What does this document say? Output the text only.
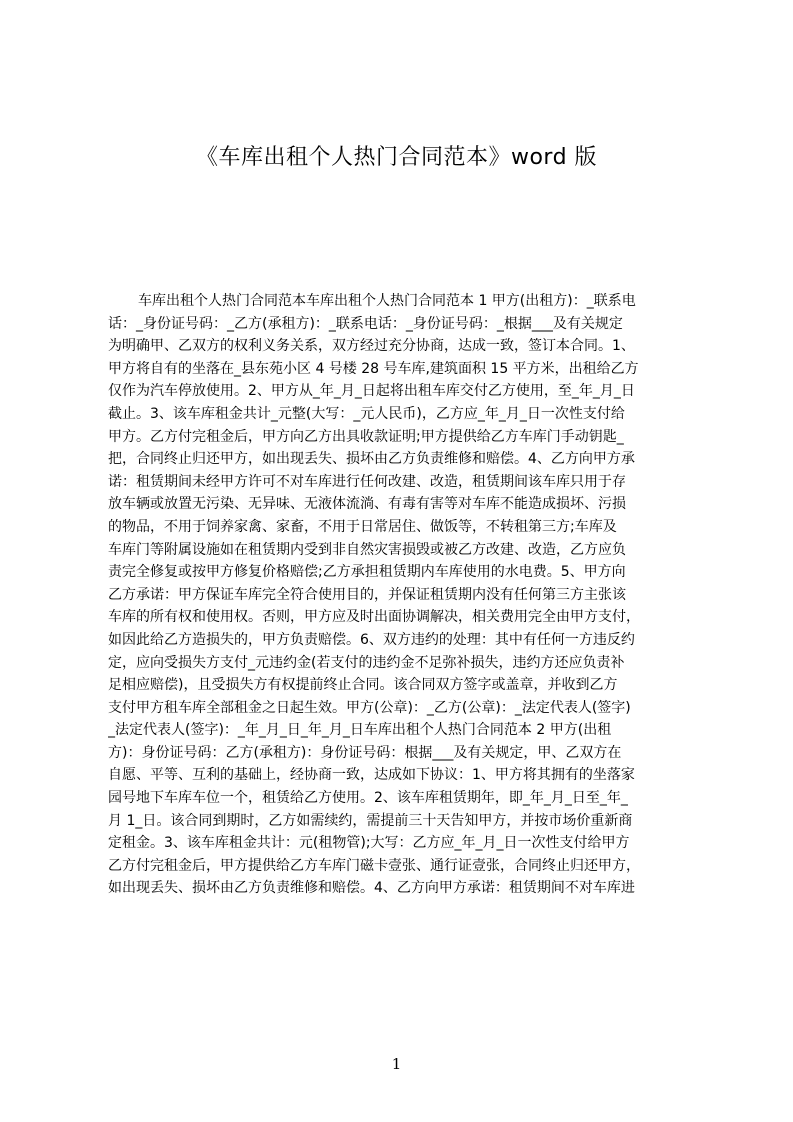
《车库出租个人热门合同范本》word 版
车库出租个人热门合同范本车库出租个人热门合同范本 1 甲方(出租方)：_联系电
话：_身份证号码：_乙方(承租方)：_联系电话：_身份证号码：_根据___及有关规定
为明确甲、乙双方的权利义务关系，双方经过充分协商，达成一致，签订本合同。1、
甲方将自有的坐落在_县东苑小区 4 号楼 28 号车库,建筑面积 15 平方米，出租给乙方
仅作为汽车停放使用。2、甲方从_年_月_日起将出租车库交付乙方使用，至_年_月_日
截止。3、该车库租金共计_元整(大写：_元人民币)，乙方应_年_月_日一次性支付给
甲方。乙方付完租金后，甲方向乙方出具收款证明;甲方提供给乙方车库门手动钥匙_
把，合同终止归还甲方，如出现丢失、损坏由乙方负责维修和赔偿。4、乙方向甲方承
诺：租赁期间未经甲方许可不对车库进行任何改建、改造，租赁期间该车库只用于存
放车辆或放置无污染、无异味、无液体流淌、有毒有害等对车库不能造成损坏、污损
的物品，不用于饲养家禽、家畜，不用于日常居住、做饭等，不转租第三方;车库及
车库门等附属设施如在租赁期内受到非自然灾害损毁或被乙方改建、改造，乙方应负
责完全修复或按甲方修复价格赔偿;乙方承担租赁期内车库使用的水电费。5、甲方向
乙方承诺：甲方保证车库完全符合使用目的，并保证租赁期内没有任何第三方主张该
车库的所有权和使用权。否则，甲方应及时出面协调解决，相关费用完全由甲方支付，
如因此给乙方造损失的，甲方负责赔偿。6、双方违约的处理：其中有任何一方违反约
定，应向受损失方支付_元违约金(若支付的违约金不足弥补损失，违约方还应负责补
足相应赔偿)，且受损失方有权提前终止合同。该合同双方签字或盖章，并收到乙方
支付甲方租车库全部租金之日起生效。甲方(公章)：_乙方(公章)：_法定代表人(签字)
_法定代表人(签字)：_年_月_日_年_月_日车库出租个人热门合同范本 2 甲方(出租
方)：身份证号码：乙方(承租方)：身份证号码：根据___及有关规定，甲、乙双方在
自愿、平等、互利的基础上，经协商一致，达成如下协议：1、甲方将其拥有的坐落家
园号地下车库车位一个，租赁给乙方使用。2、该车库租赁期年，即_年_月_日至_年_
月 1_日。该合同到期时，乙方如需续约，需提前三十天告知甲方，并按市场价重新商
定租金。3、该车库租金共计：元(租物管);大写：乙方应_年_月_日一次性支付给甲方
乙方付完租金后，甲方提供给乙方车库门磁卡壹张、通行证壹张，合同终止归还甲方，
如出现丢失、损坏由乙方负责维修和赔偿。4、乙方向甲方承诺：租赁期间不对车库进
1
